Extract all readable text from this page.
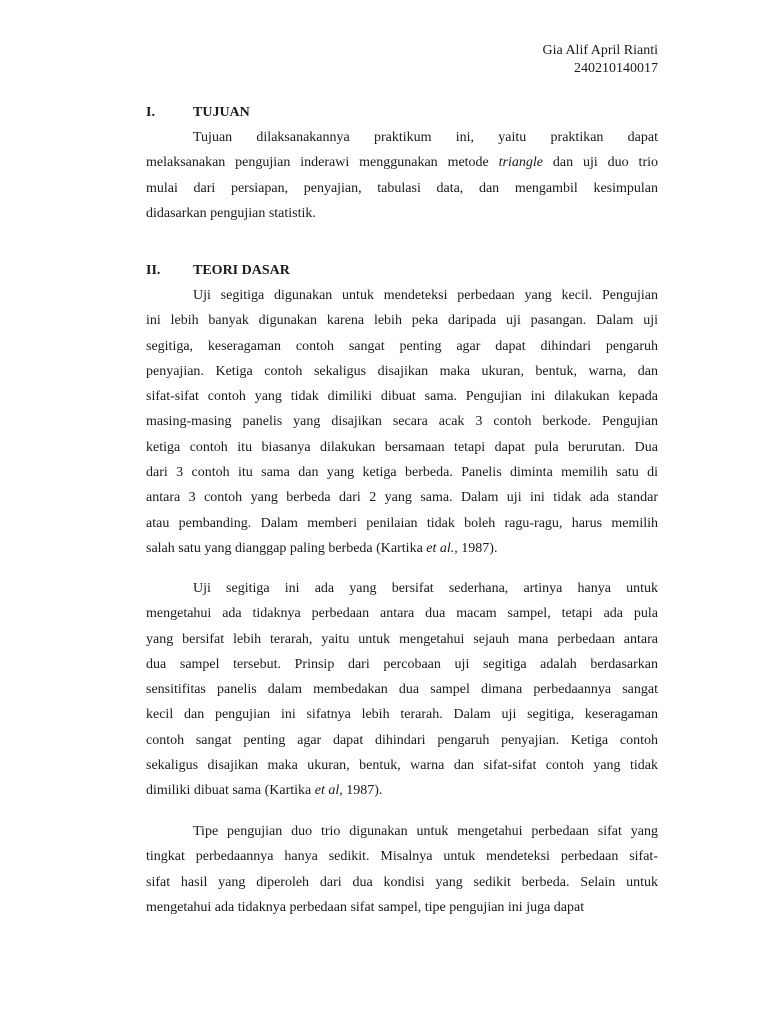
Gia Alif April Rianti
240210140017
I.	TUJUAN
Tujuan dilaksanakannya praktikum ini, yaitu praktikan dapat
melaksanakan pengujian inderawi menggunakan metode triangle dan uji duo trio
mulai dari persiapan, penyajian, tabulasi data, dan mengambil kesimpulan
didasarkan pengujian statistik.
II. TEORI DASAR
Uji segitiga digunakan untuk mendeteksi perbedaan yang kecil. Pengujian
ini lebih banyak digunakan karena lebih peka daripada uji pasangan. Dalam uji
segitiga, keseragaman contoh sangat penting agar dapat dihindari pengaruh
penyajian. Ketiga contoh sekaligus disajikan maka ukuran, bentuk, warna, dan
sifat-sifat contoh yang tidak dimiliki dibuat sama. Pengujian ini dilakukan kepada
masing-masing panelis yang disajikan secara acak 3 contoh berkode. Pengujian
ketiga contoh itu biasanya dilakukan bersamaan tetapi dapat pula berurutan. Dua
dari 3 contoh itu sama dan yang ketiga berbeda. Panelis diminta memilih satu di
antara 3 contoh yang berbeda dari 2 yang sama. Dalam uji ini tidak ada standar
atau pembanding. Dalam memberi penilaian tidak boleh ragu-ragu, harus memilih
salah satu yang dianggap paling berbeda (Kartika et al., 1987).
Uji segitiga ini ada yang bersifat sederhana, artinya hanya untuk
mengetahui ada tidaknya perbedaan antara dua macam sampel, tetapi ada pula
yang bersifat lebih terarah, yaitu untuk mengetahui sejauh mana perbedaan antara
dua sampel tersebut. Prinsip dari percobaan uji segitiga adalah berdasarkan
sensitifitas panelis dalam membedakan dua sampel dimana perbedaannya sangat
kecil dan pengujian ini sifatnya lebih terarah. Dalam uji segitiga, keseragaman
contoh sangat penting agar dapat dihindari pengaruh penyajian. Ketiga contoh
sekaligus disajikan maka ukuran, bentuk, warna dan sifat-sifat contoh yang tidak
dimiliki dibuat sama (Kartika et al, 1987).
Tipe pengujian duo trio digunakan untuk mengetahui perbedaan sifat yang
tingkat perbedaannya hanya sedikit. Misalnya untuk mendeteksi perbedaan sifat-
sifat hasil yang diperoleh dari dua kondisi yang sedikit berbeda. Selain untuk
mengetahui ada tidaknya perbedaan sifat sampel, tipe pengujian ini juga dapat
